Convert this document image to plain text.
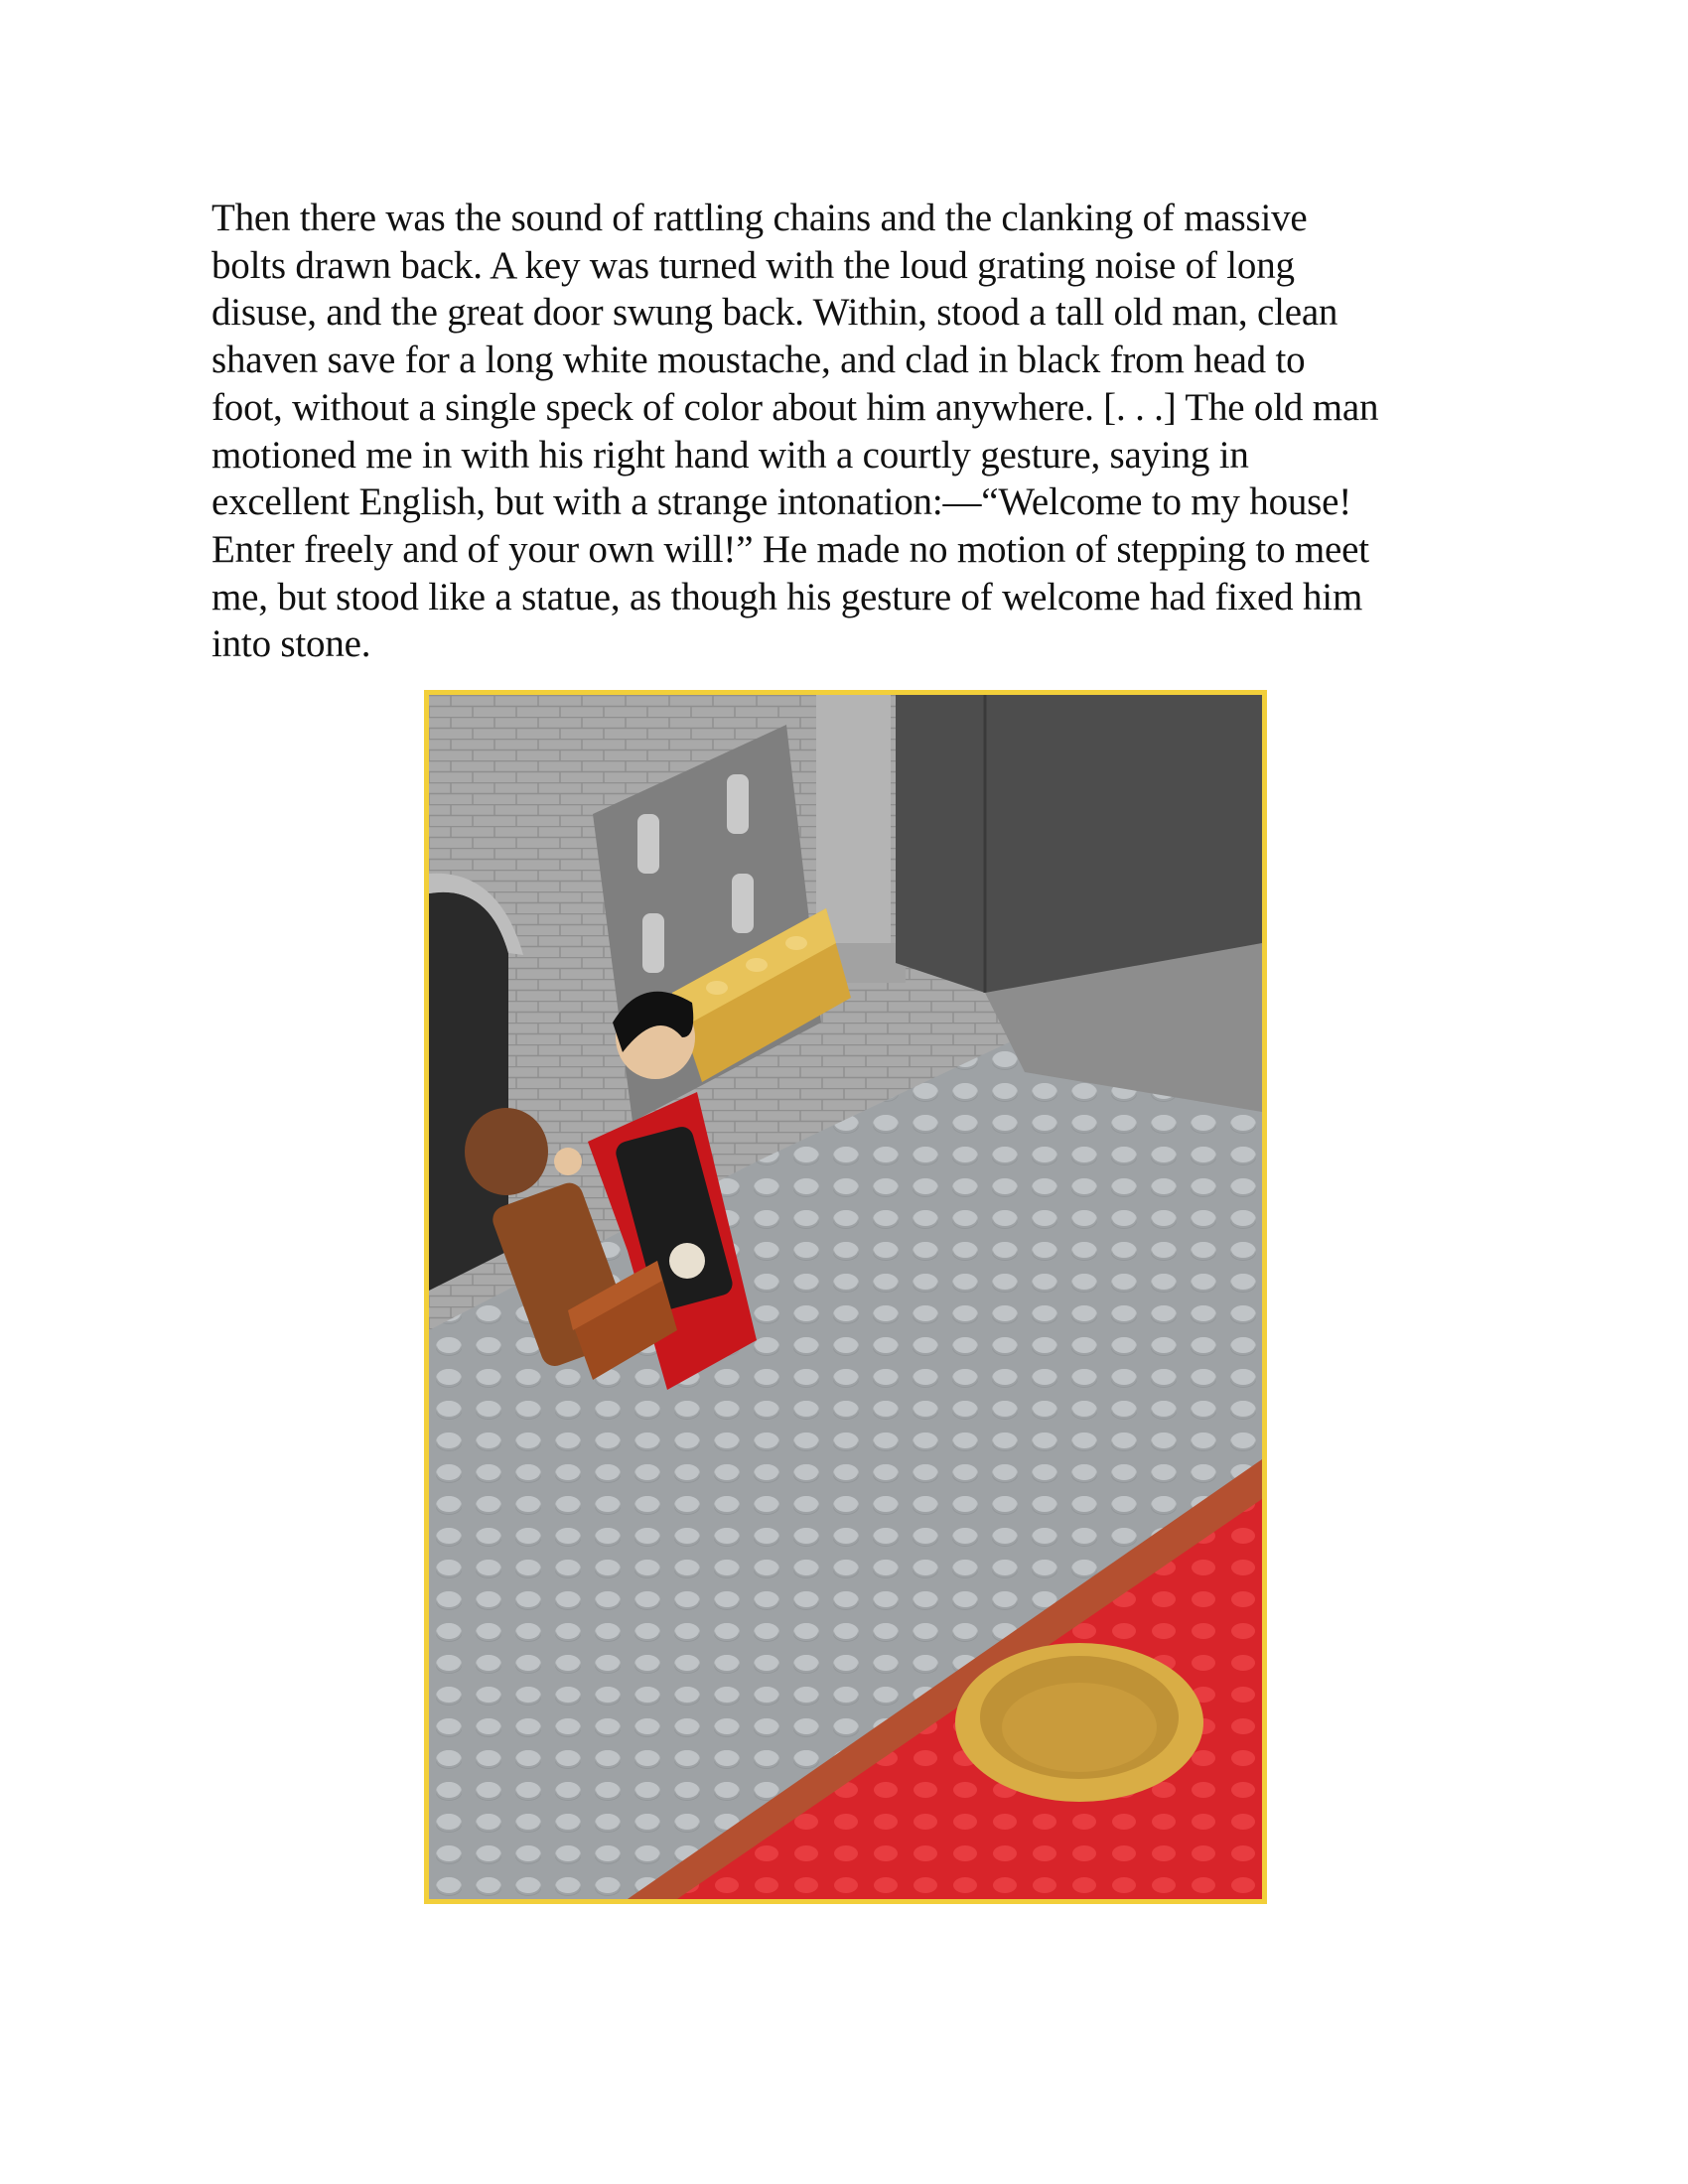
Then there was the sound of rattling chains and the clanking of massive
bolts drawn back. A key was turned with the loud grating noise of long
disuse, and the great door swung back. Within, stood a tall old man, clean
shaven save for a long white moustache, and clad in black from head to
foot, without a single speck of color about him anywhere. [. . .] The old man
motioned me in with his right hand with a courtly gesture, saying in
excellent English, but with a strange intonation:—“Welcome to my house!
Enter freely and of your own will!” He made no motion of stepping to meet
me, but stood like a statue, as though his gesture of welcome had fixed him
into stone.
